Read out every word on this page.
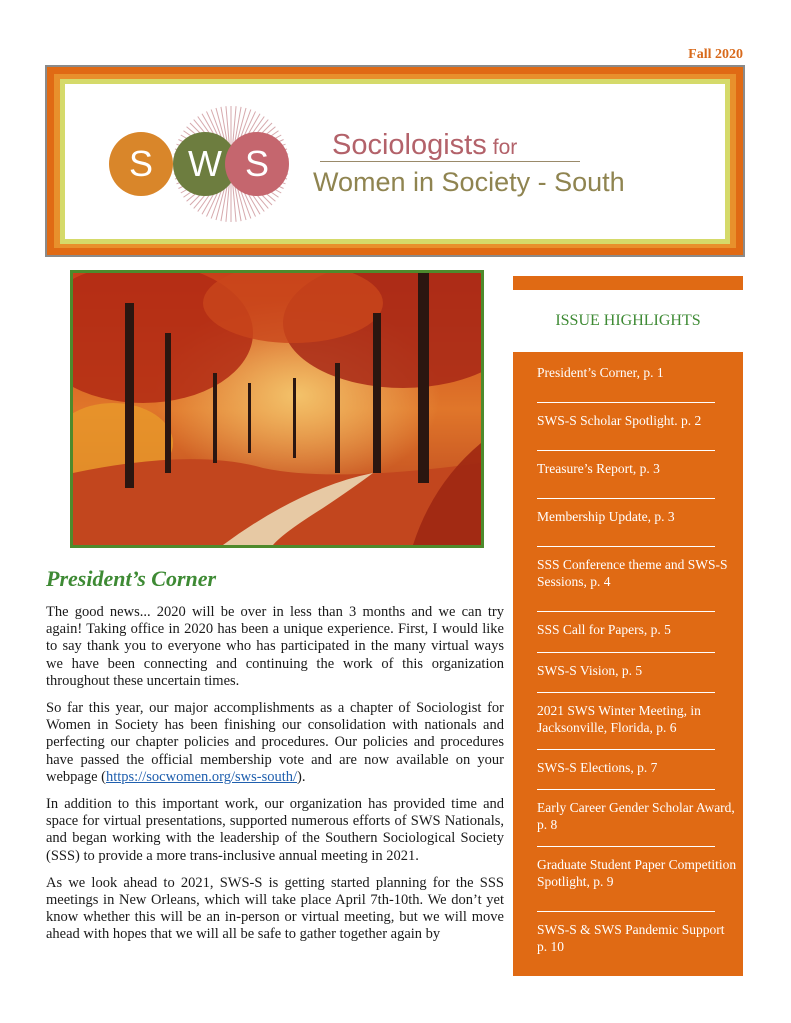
Fall 2020
S W S Sociologists for
Women in Society - South
President’s Corner

The good news... 2020 will be over in less than 3 months and we can try again! Taking office in 2020 has been a unique experience. First, I would like to say thank you to everyone who has participated in the many virtual ways we have been connecting and continuing the work of this organization throughout these uncertain times.

So far this year, our major accomplishments as a chapter of Sociologist for Women in Society has been finishing our consolidation with nationals and perfecting our chapter policies and procedures. Our policies and procedures have passed the official membership vote and are now available on your webpage (https://socwomen.org/sws-south/).

In addition to this important work, our organization has provided time and space for virtual presentations, supported numerous efforts of SWS Nationals, and began working with the leadership of the Southern Sociological Society (SSS) to provide a more trans-inclusive annual meeting in 2021.

As we look ahead to 2021, SWS-S is getting started planning for the SSS meetings in New Orleans, which will take place April 7th-10th. We don’t yet know whether this will be an in-person or virtual meeting, but we will move ahead with hopes that we will all be safe to gather together again by

ISSUE HIGHLIGHTS
President’s Corner, p. 1
SWS-S Scholar Spotlight. p. 2
Treasure’s Report, p. 3
Membership Update, p. 3
SSS Conference theme and SWS-S Sessions, p. 4
SSS Call for Papers, p. 5
SWS-S Vision, p. 5
2021 SWS Winter Meeting, in Jacksonville, Florida, p. 6
SWS-S Elections, p. 7
Early Career Gender Scholar Award, p. 8
Graduate Student Paper Competition Spotlight, p. 9
SWS-S & SWS Pandemic Support p. 10
